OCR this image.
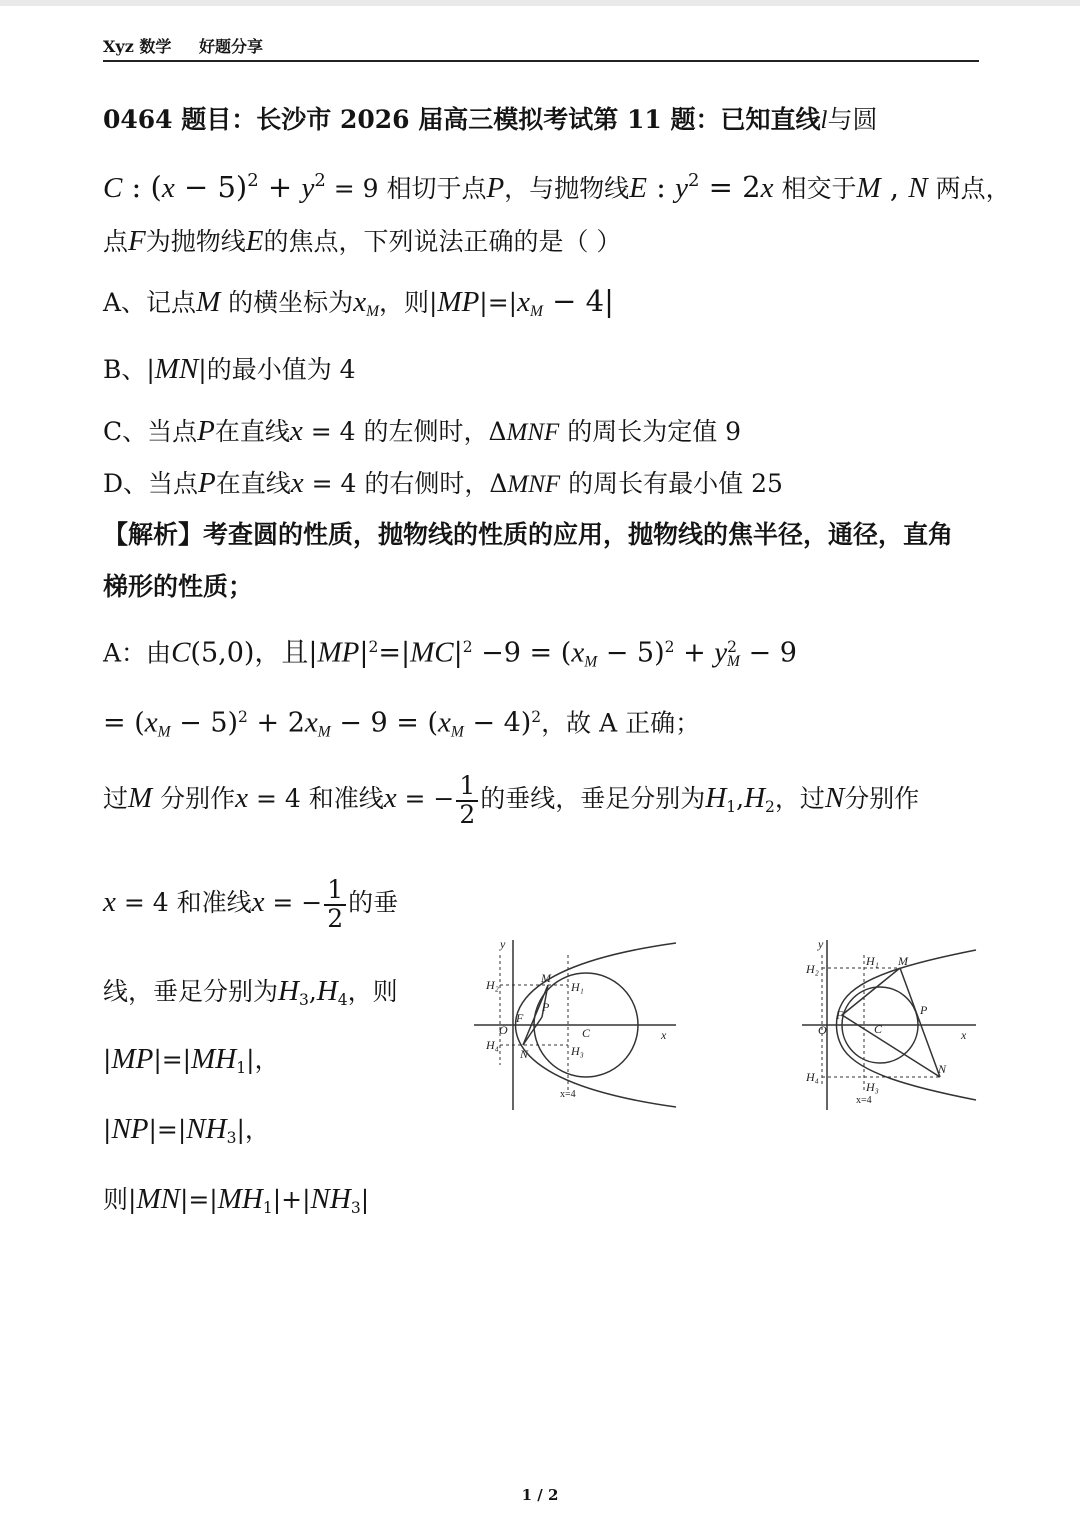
Xyz 数学 好题分享
0464 题目：长沙市 2026 届高三模拟考试第 11 题：已知直线l与圆
C : $(x - 5)^2 + y^2 = 9$ 相切于点P，与抛物线E : $y^2 = 2x$ 相交于M , N 两点，
点F为抛物线E的焦点，下列说法正确的是（ ）
A、记点M 的横坐标为$x_M$，则$|MP|=|x_M - 4|$
B、|MN|的最小值为 4
C、当点P在直线x = 4 的左侧时，ΔMNF 的周长为定值 9
D、当点P在直线x = 4 的右侧时，ΔMNF 的周长有最小值 25
【解析】考查圆的性质，抛物线的性质的应用，抛物线的焦半径，通径，直角
梯形的性质；
A：由C(5,0)，且$|MP|^2=|MC|^2 -9 = (x_M - 5)^2 + y^2_M - 9$
= $(x_M - 5)^2 + 2x_M - 9 = (x_M - 4)^2$，故 A 正确；
过M 分别作x = 4 和准线x = − $\frac{1}{2}$ 的垂线，垂足分别为$H_1,H_2$，过N分别作
x = 4 和准线x = − $\frac{1}{2}$ 的垂
线，垂足分别为$H_3,H_4$，则
$|MP|=|MH_1|$，
$|NP|=|NH_3|$，
则$|MN|=|MH_1|+|NH_3|$
y
x
O
M
N
P
F
C
H₁
H₂
H₃
H₄
x=4
y
x
O
M
N
P
F
C
H₁
H₂
H₃
H₄
x=4
1 / 2
